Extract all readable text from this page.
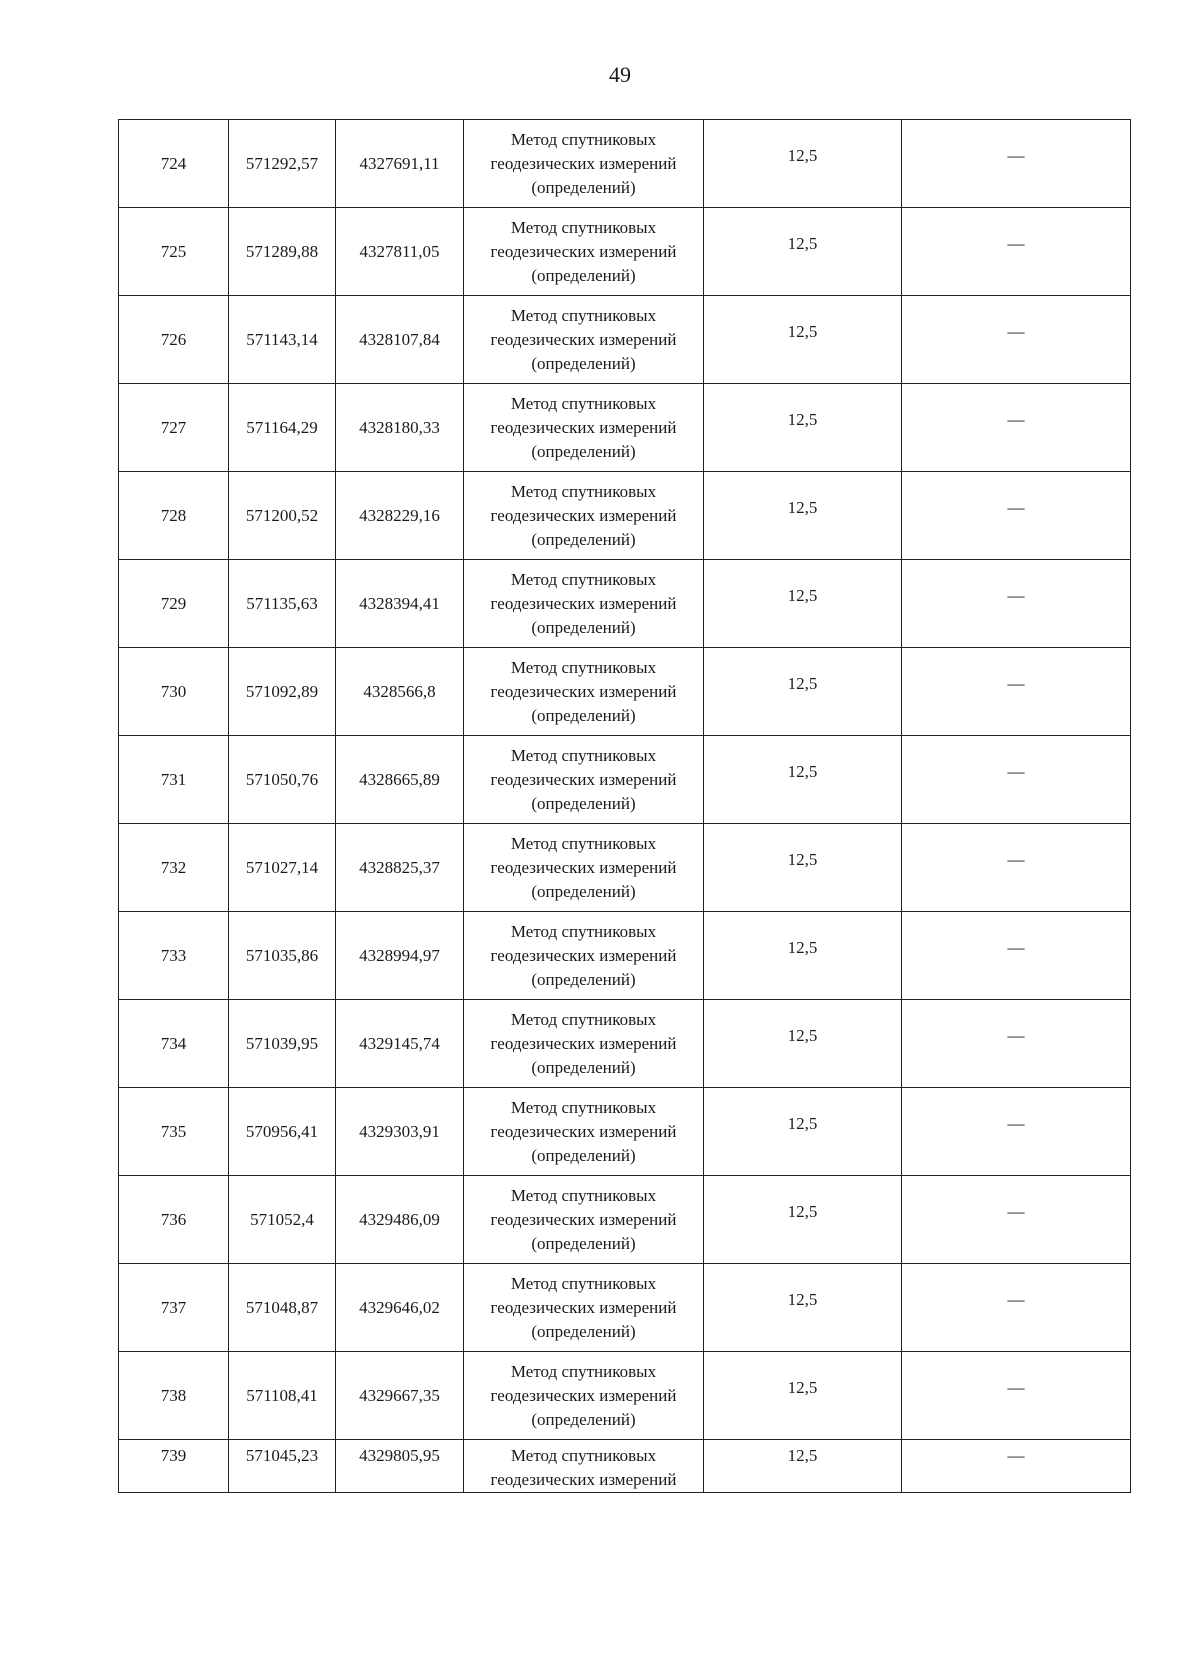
49
724	571292,57	4327691,11	Метод спутниковых
геодезических измерений
(определений)	12,5	—
725	571289,88	4327811,05	Метод спутниковых
геодезических измерений
(определений)	12,5	—
726	571143,14	4328107,84	Метод спутниковых
геодезических измерений
(определений)	12,5	—
727	571164,29	4328180,33	Метод спутниковых
геодезических измерений
(определений)	12,5	—
728	571200,52	4328229,16	Метод спутниковых
геодезических измерений
(определений)	12,5	—
729	571135,63	4328394,41	Метод спутниковых
геодезических измерений
(определений)	12,5	—
730	571092,89	4328566,8	Метод спутниковых
геодезических измерений
(определений)	12,5	—
731	571050,76	4328665,89	Метод спутниковых
геодезических измерений
(определений)	12,5	—
732	571027,14	4328825,37	Метод спутниковых
геодезических измерений
(определений)	12,5	—
733	571035,86	4328994,97	Метод спутниковых
геодезических измерений
(определений)	12,5	—
734	571039,95	4329145,74	Метод спутниковых
геодезических измерений
(определений)	12,5	—
735	570956,41	4329303,91	Метод спутниковых
геодезических измерений
(определений)	12,5	—
736	571052,4	4329486,09	Метод спутниковых
геодезических измерений
(определений)	12,5	—
737	571048,87	4329646,02	Метод спутниковых
геодезических измерений
(определений)	12,5	—
738	571108,41	4329667,35	Метод спутниковых
геодезических измерений
(определений)	12,5	—
739	571045,23	4329805,95	Метод спутниковых
геодезических измерений	12,5	—
